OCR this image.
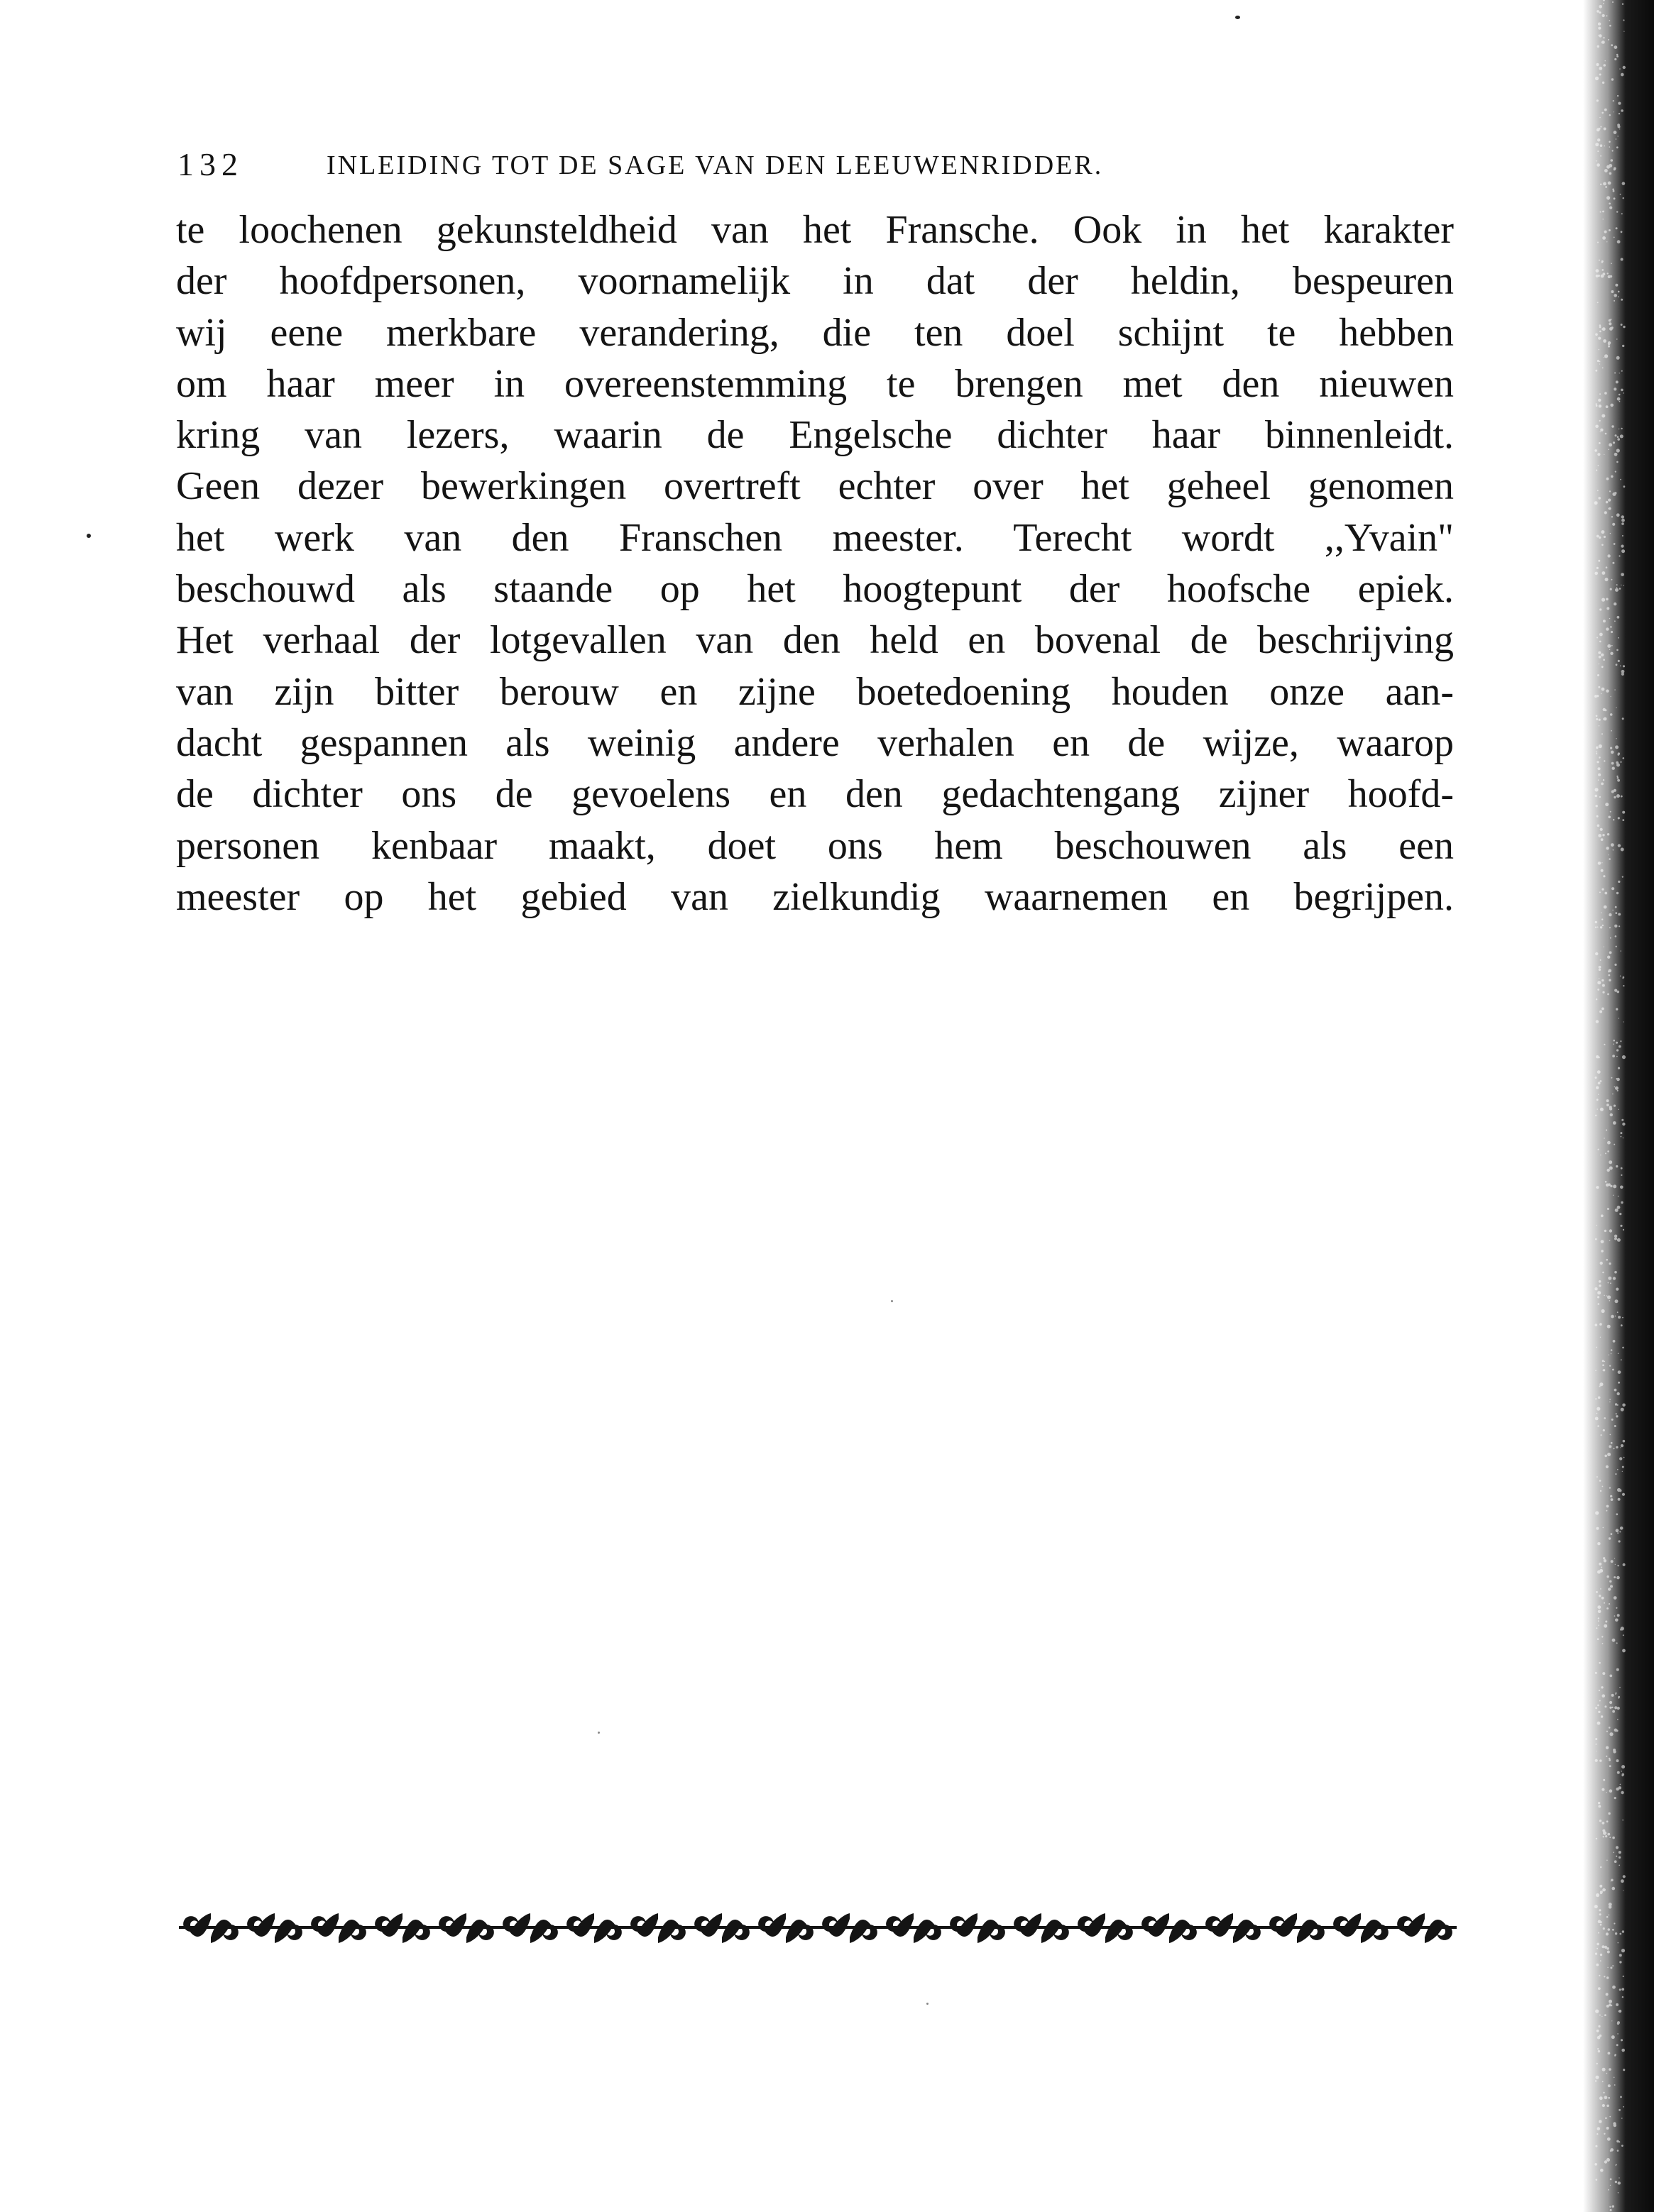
132	INLEIDING TOT DE SAGE VAN DEN LEEUWENRIDDER.
te loochenen gekunsteldheid van het Fransche. Ook in het karakter
der hoofdpersonen, voornamelijk in dat der heldin, bespeuren
wij eene merkbare verandering, die ten doel schijnt te hebben
om haar meer in overeenstemming te brengen met den nieuwen
kring van lezers, waarin de Engelsche dichter haar binnenleidt.
Geen dezer bewerkingen overtreft echter over het geheel genomen
het werk van den Franschen meester. Terecht wordt ,,Yvain"
beschouwd als staande op het hoogtepunt der hoofsche epiek.
Het verhaal der lotgevallen van den held en bovenal de beschrijving
van zijn bitter berouw en zijne boetedoening houden onze aan-
dacht gespannen als weinig andere verhalen en de wijze, waarop
de dichter ons de gevoelens en den gedachtengang zijner hoofd-
personen kenbaar maakt, doet ons hem beschouwen als een
meester op het gebied van zielkundig waarnemen en begrijpen.
